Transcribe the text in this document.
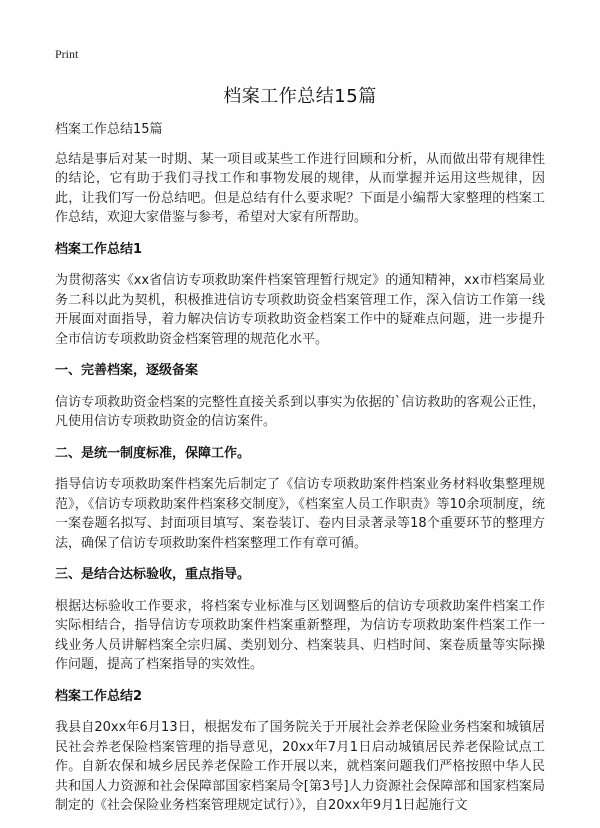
Print
档案工作总结15篇

档案工作总结15篇

总结是事后对某一时期、某一项目或某些工作进行回顾和分析，从而做出带有规律性的结论，它有助于我们寻找工作和事物发展的规律，从而掌握并运用这些规律，因此，让我们写一份总结吧。但是总结有什么要求呢？下面是小编帮大家整理的档案工作总结，欢迎大家借鉴与参考，希望对大家有所帮助。

档案工作总结1

为贯彻落实《xx省信访专项救助案件档案管理暂行规定》的通知精神，xx市档案局业务二科以此为契机，积极推进信访专项救助资金档案管理工作，深入信访工作第一线开展面对面指导，着力解决信访专项救助资金档案工作中的疑难点问题，进一步提升全市信访专项救助资金档案管理的规范化水平。

一、完善档案，逐级备案

信访专项救助资金档案的完整性直接关系到以事实为依据的`信访救助的客观公正性，凡使用信访专项救助资金的信访案件。

二、是统一制度标准，保障工作。

指导信访专项救助案件档案先后制定了《信访专项救助案件档案业务材料收集整理规范》，《信访专项救助案件档案移交制度》，《档案室人员工作职责》等10余项制度，统一案卷题名拟写、封面项目填写、案卷装订、卷内目录著录等18个重要环节的整理方法，确保了信访专项救助案件档案整理工作有章可循。

三、是结合达标验收，重点指导。

根据达标验收工作要求，将档案专业标准与区划调整后的信访专项救助案件档案工作实际相结合，指导信访专项救助案件档案重新整理，为信访专项救助案件档案工作一线业务人员讲解档案全宗归属、类别划分、档案装具、归档时间、案卷质量等实际操作问题，提高了档案指导的实效性。

档案工作总结2

我县自20xx年6月13日，根据发布了国务院关于开展社会养老保险业务档案和城镇居民社会养老保险档案管理的指导意见，20xx年7月1日启动城镇居民养老保险试点工作。自新农保和城乡居民养老保险工作开展以来，就档案问题我们严格按照中华人民共和国人力资源和社会保障部国家档案局令[第3号]人力资源社会保障部和国家档案局制定的《社会保险业务档案管理规定试行）》，自20xx年9月1日起施行文
